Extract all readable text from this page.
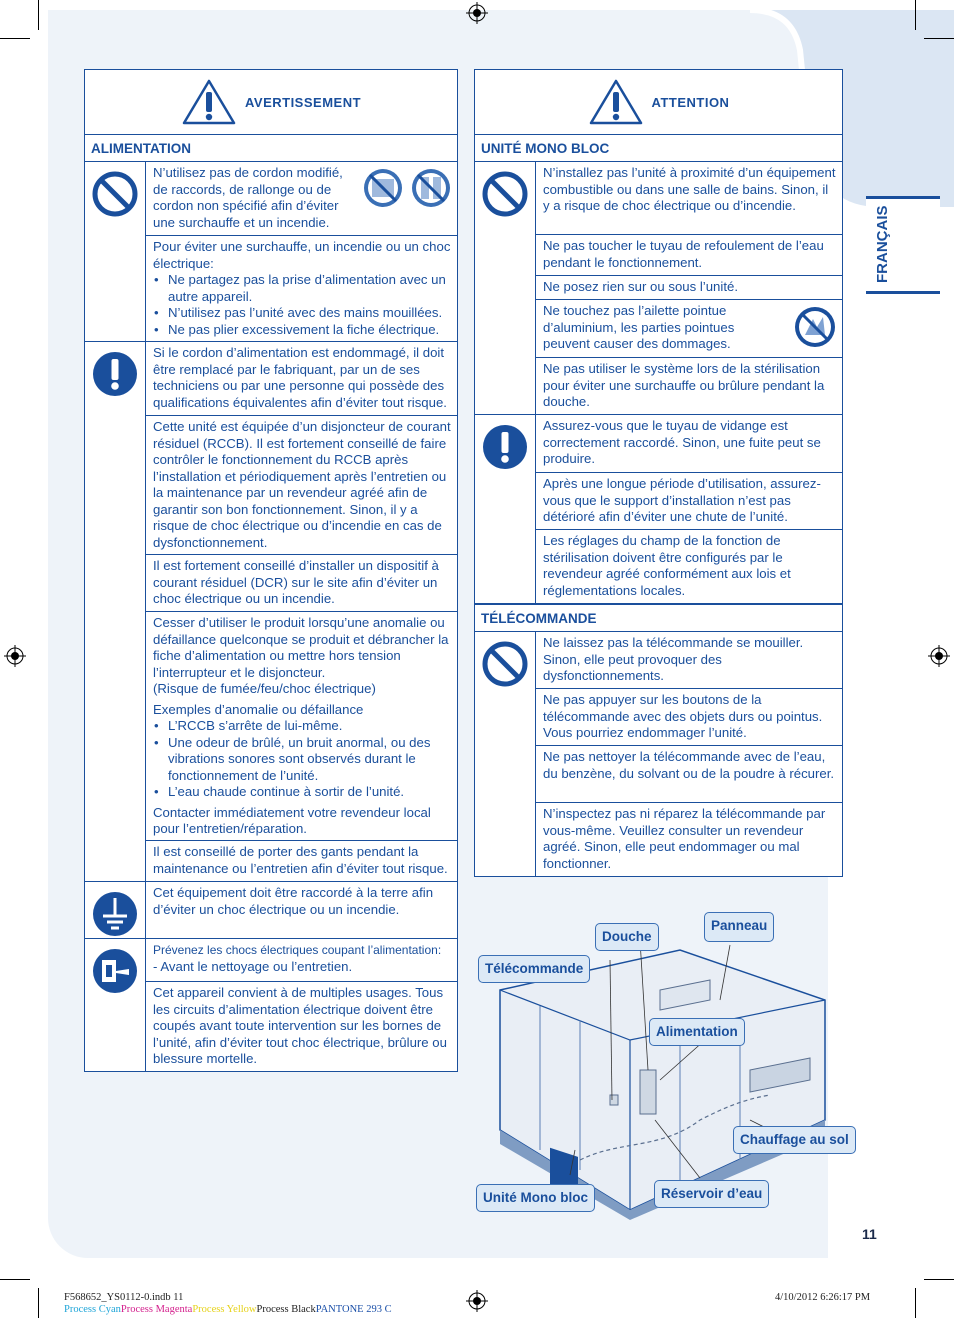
AVERTISSEMENT
ALIMENTATION

N’utilisez pas de cordon modifié, de raccords, de rallonge ou de cordon non spécifié afin d’éviter une surchauffe et un incendie.

Pour éviter une surchauffe, un incendie ou un choc électrique:

• Ne partagez pas la prise d’alimentation avec un autre appareil.
• N’utilisez pas l’unité avec des mains mouillées.
• Ne pas plier excessivement la fiche électrique.

Si le cordon d’alimentation est endommagé, il doit être remplacé par le fabriquant, par un de ses techniciens ou par une personne qui possède des qualifications équivalentes afin d’éviter tout risque.

Cette unité est équipée d’un disjoncteur de courant résiduel (RCCB). Il est fortement conseillé de faire contrôler le fonctionnement du RCCB après l’installation et périodiquement après l’entretien ou la maintenance par un revendeur agréé afin de garantir son bon fonctionnement. Sinon, il y a risque de choc électrique ou d’incendie en cas de dysfonctionnement.

Il est fortement conseillé d’installer un dispositif à courant résiduel (DCR) sur le site afin d’éviter un choc électrique ou un incendie.

Cesser d’utiliser le produit lorsqu’une anomalie ou défaillance quelconque se produit et débrancher la fiche d’alimentation ou mettre hors tension l’interrupteur et le disjoncteur.

(Risque de fumée/feu/choc électrique)

Exemples d’anomalie ou défaillance

• L’RCCB s’arrête de lui-même.
• Une odeur de brûlé, un bruit anormal, ou des vibrations sonores sont observés durant le fonctionnement de l’unité.
• L’eau chaude continue à sortir de l’unité.

Contacter immédiatement votre revendeur local pour l’entretien/réparation.

Il est conseillé de porter des gants pendant la maintenance ou l’entretien afin d’éviter tout risque.

Cet équipement doit être raccordé à la terre afin d’éviter un choc électrique ou un incendie.

Prévenez les chocs électriques coupant l’alimentation:

- Avant le nettoyage ou l’entretien.

Cet appareil convient à de multiples usages. Tous les circuits d’alimentation électrique doivent être coupés avant toute intervention sur les bornes de l’unité, afin d’éviter tout choc électrique, brûlure ou blessure mortelle.

ATTENTION
UNITÉ MONO BLOC

N’installez pas l’unité à proximité d’un équipement combustible ou dans une salle de bains. Sinon, il y a risque de choc électrique ou d’incendie.

Ne pas toucher le tuyau de refoulement de l’eau pendant le fonctionnement.

Ne posez rien sur ou sous l’unité.

Ne touchez pas l’ailette pointue d’aluminium, les parties pointues peuvent causer des dommages.

Ne pas utiliser le système lors de la stérilisation pour éviter une surchauffe ou brûlure pendant la douche.

Assurez-vous que le tuyau de vidange est correctement raccordé. Sinon, une fuite peut se produire.

Après une longue période d’utilisation, assurez-vous que le support d’installation n’est pas détérioré afin d’éviter une chute de l’unité.

Les réglages du champ de la fonction de stérilisation doivent être configurés par le revendeur agréé conformément aux lois et réglementations locales.

TÉLÉCOMMANDE

Ne laissez pas la télécommande se mouiller. Sinon, elle peut provoquer des dysfonctionnements.

Ne pas appuyer sur les boutons de la télécommande avec des objets durs ou pointus. Vous pourriez endommager l’unité.

Ne pas nettoyer la télécommande avec de l’eau, du benzène, du solvant ou de la poudre à récurer.

N’inspectez pas ni réparez la télécommande par vous-même. Veuillez consulter un revendeur agréé. Sinon, elle peut endommager ou mal fonctionner.

FRANÇAIS
Douche
Panneau
Télécommande
Alimentation
Chauffage au sol
Unité Mono bloc	Réservoir d’eau
11
F568652_YS0112-0.indb 11	4/10/2012 6:26:17 PM
Process CyanProcess MagentaProcess YellowProcess BlackPANTONE 293 C
